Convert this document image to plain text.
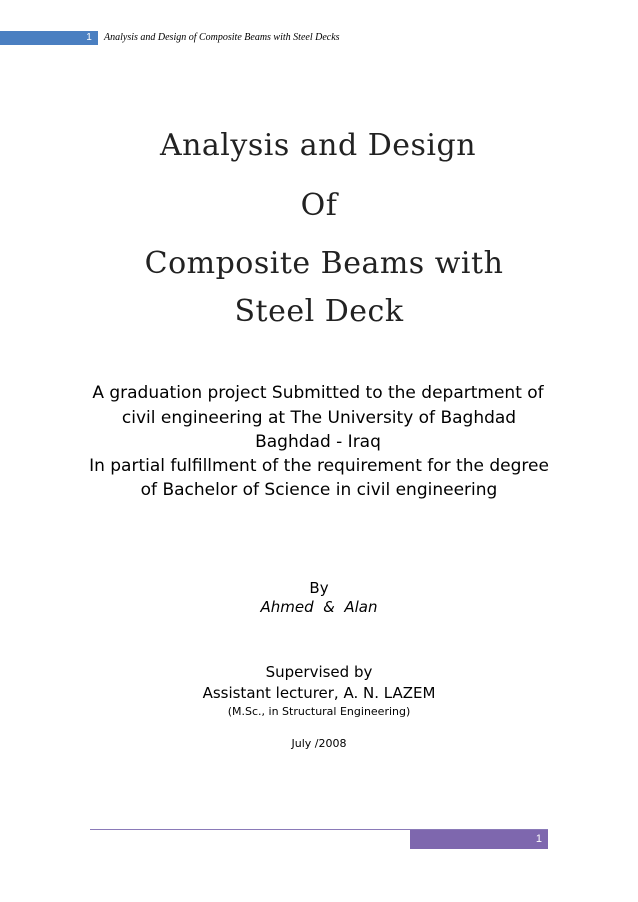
1	Analysis and Design of Composite Beams with Steel Decks
Analysis and Design
Of
Composite Beams with
Steel Deck
A graduation project Submitted to the department of
civil engineering at The University of Baghdad
Baghdad - Iraq
In partial fulfillment of the requirement for the degree
of Bachelor of Science in civil engineering
By
Ahmed  &  Alan
Supervised by
Assistant lecturer, A. N. LAZEM
(M.Sc., in Structural Engineering)
July /2008
1
